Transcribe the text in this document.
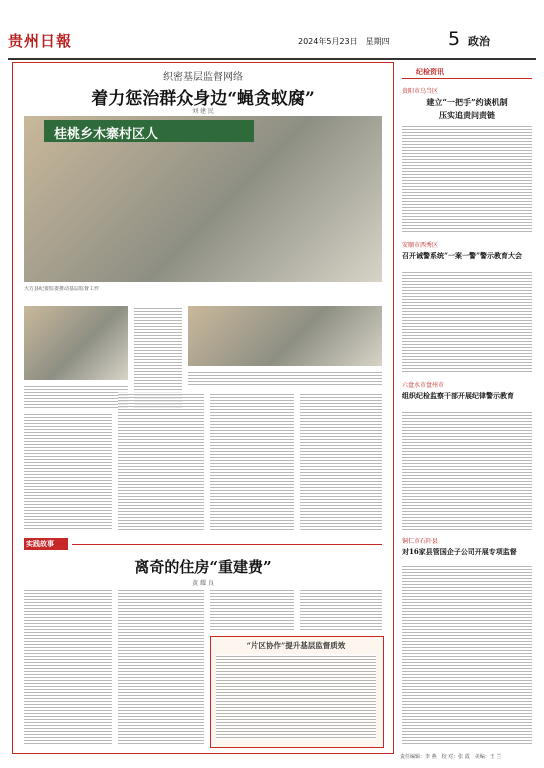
贵州日報	2024年5月23日　星期四	5 政治
织密基层监督网络
着力惩治群众身边“蝇贪蚁腐”
刘 建 民
桂桃乡木寨村区人
大方县纪委监委推动基层监督工作
实践故事
离奇的住房“重建费”
黄 耀 良
“片区协作”提升基层监督质效
纪检资讯
贵阳市乌当区
建立“一把手”约谈机制
压实追责问责链
安顺市西秀区
召开诫警系统“一案一警”警示教育大会
六盘水市盘州市
组织纪检监察干部开展纪律警示教育
铜仁市石阡县
对16家县管国企子公司开展专项监督
责任编辑：李 燕　校 对：张 霞　美编：王 兰
